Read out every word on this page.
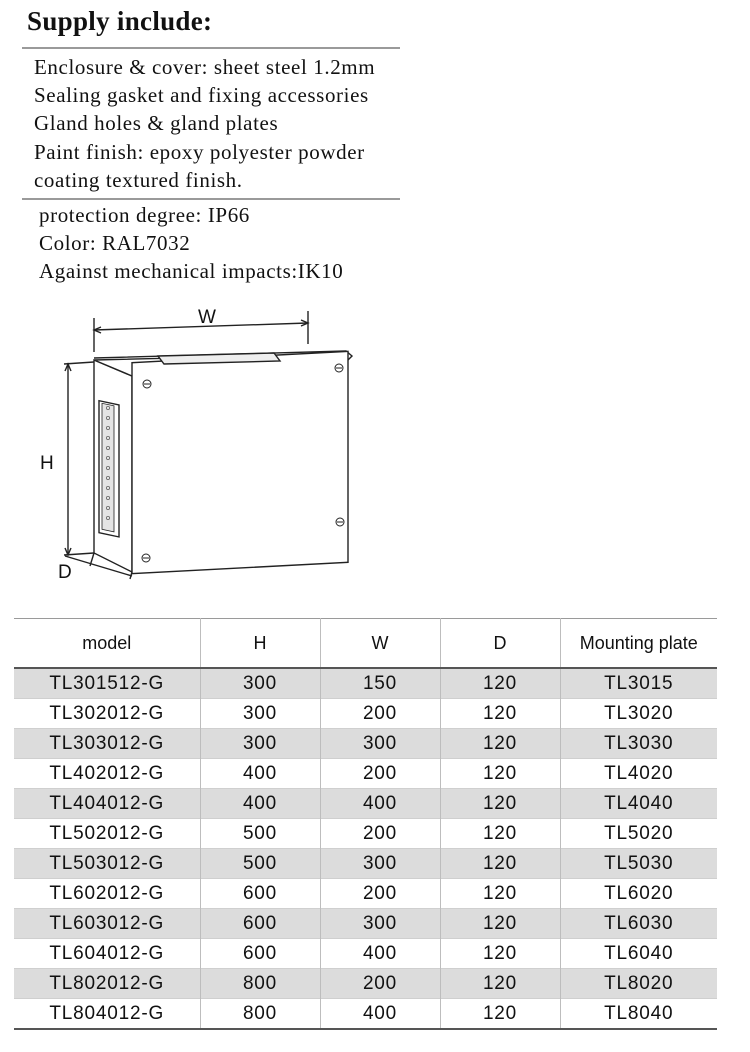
Supply include:
Enclosure & cover: sheet steel 1.2mm
Sealing gasket and fixing accessories
Gland holes & gland plates
Paint finish: epoxy polyester powder
coating textured finish.
protection degree: IP66
Color: RAL7032
Against mechanical impacts:IK10
W
H
D
model	H	W	D	Mounting plate
TL301512-G	300	150	120	TL3015
TL302012-G	300	200	120	TL3020
TL303012-G	300	300	120	TL3030
TL402012-G	400	200	120	TL4020
TL404012-G	400	400	120	TL4040
TL502012-G	500	200	120	TL5020
TL503012-G	500	300	120	TL5030
TL602012-G	600	200	120	TL6020
TL603012-G	600	300	120	TL6030
TL604012-G	600	400	120	TL6040
TL802012-G	800	200	120	TL8020
TL804012-G	800	400	120	TL8040
